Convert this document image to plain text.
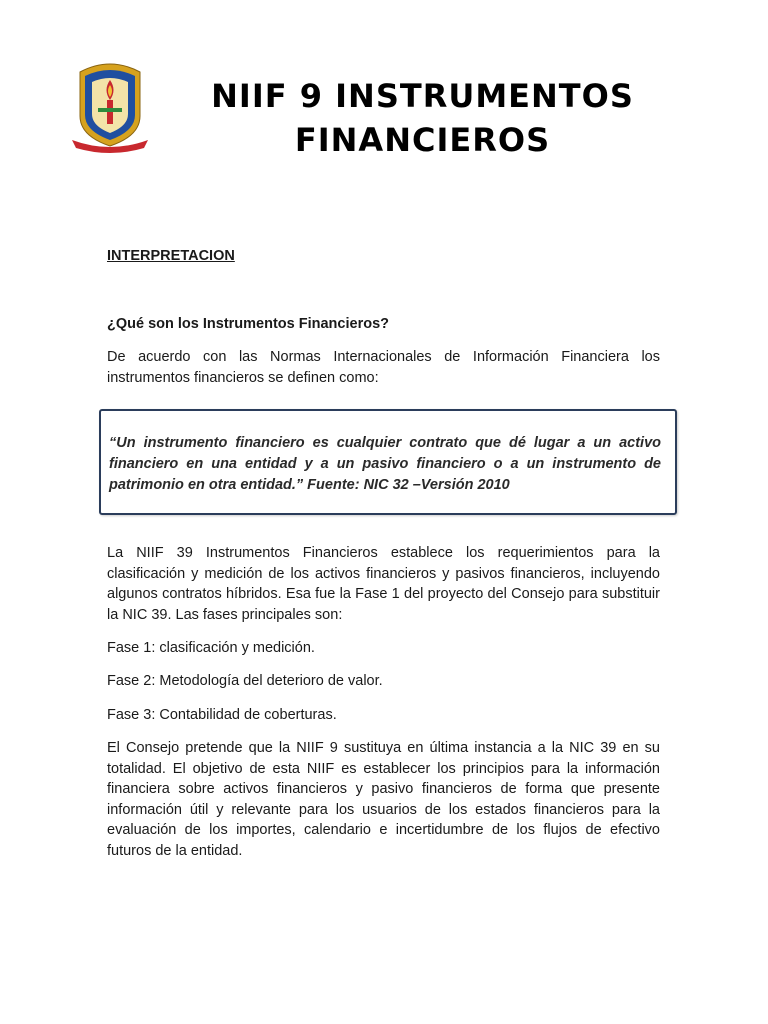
NIIF 9 INSTRUMENTOS FINANCIEROS
INTERPRETACION
¿Qué son los Instrumentos Financieros?

De acuerdo con las Normas Internacionales de Información Financiera los instrumentos financieros se definen como:

“Un instrumento financiero es cualquier contrato que dé lugar a un activo financiero en una entidad y a un pasivo financiero o a un instrumento de patrimonio en otra entidad.” Fuente: NIC 32 –Versión 2010

La NIIF 39 Instrumentos Financieros establece los requerimientos para la clasificación y medición de los activos financieros y pasivos financieros, incluyendo algunos contratos híbridos. Esa fue la Fase 1 del proyecto del Consejo para substituir la NIC 39. Las fases principales son:

Fase 1: clasificación y medición.
Fase 2: Metodología del deterioro de valor.
Fase 3: Contabilidad de coberturas.

El Consejo pretende que la NIIF 9 sustituya en última instancia a la NIC 39 en su totalidad. El objetivo de esta NIIF es establecer los principios para la información financiera sobre activos financieros y pasivo financieros de forma que presente información útil y relevante para los usuarios de los estados financieros para la evaluación de los importes, calendario e incertidumbre de los flujos de efectivo futuros de la entidad.
